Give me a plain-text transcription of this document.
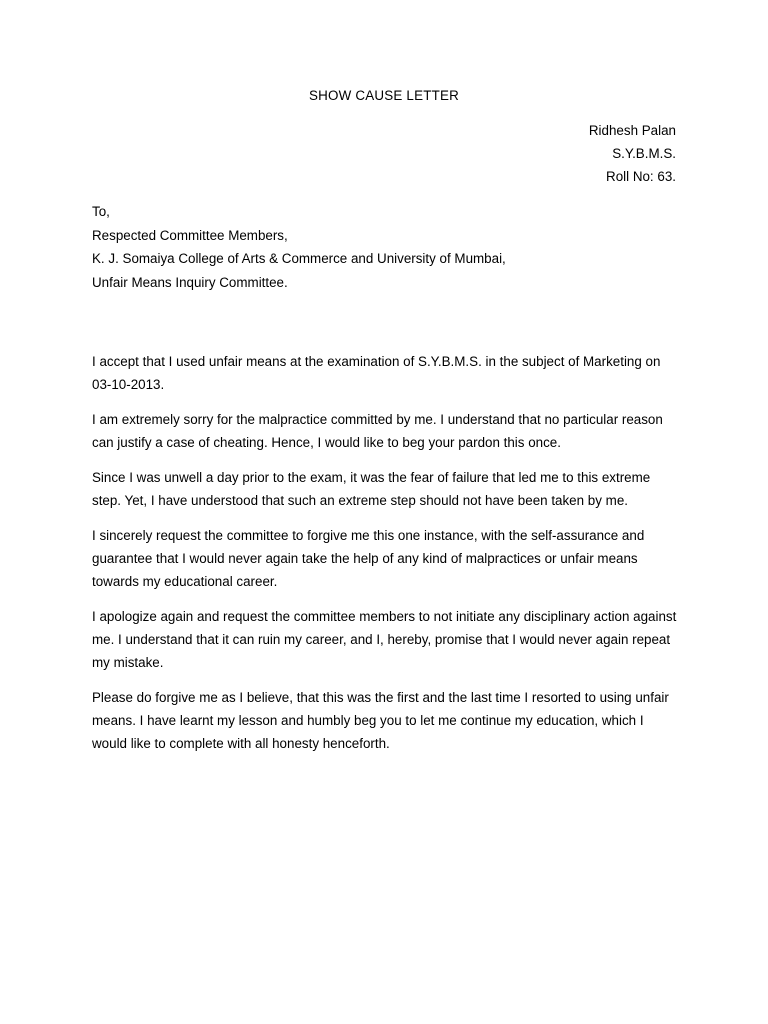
SHOW CAUSE LETTER
Ridhesh Palan
S.Y.B.M.S.
Roll No: 63.
To,
Respected Committee Members,
K. J. Somaiya College of Arts & Commerce and University of Mumbai,
Unfair Means Inquiry Committee.

I accept that I used unfair means at the examination of S.Y.B.M.S. in the subject of Marketing on 03-10-2013.

I am extremely sorry for the malpractice committed by me. I understand that no particular reason can justify a case of cheating. Hence, I would like to beg your pardon this once.

Since I was unwell a day prior to the exam, it was the fear of failure that led me to this extreme step. Yet, I have understood that such an extreme step should not have been taken by me.

I sincerely request the committee to forgive me this one instance, with the self-assurance and guarantee that I would never again take the help of any kind of malpractices or unfair means towards my educational career.

I apologize again and request the committee members to not initiate any disciplinary action against me. I understand that it can ruin my career, and I, hereby, promise that I would never again repeat my mistake.

Please do forgive me as I believe, that this was the first and the last time I resorted to using unfair means. I have learnt my lesson and humbly beg you to let me continue my education, which I would like to complete with all honesty henceforth.
